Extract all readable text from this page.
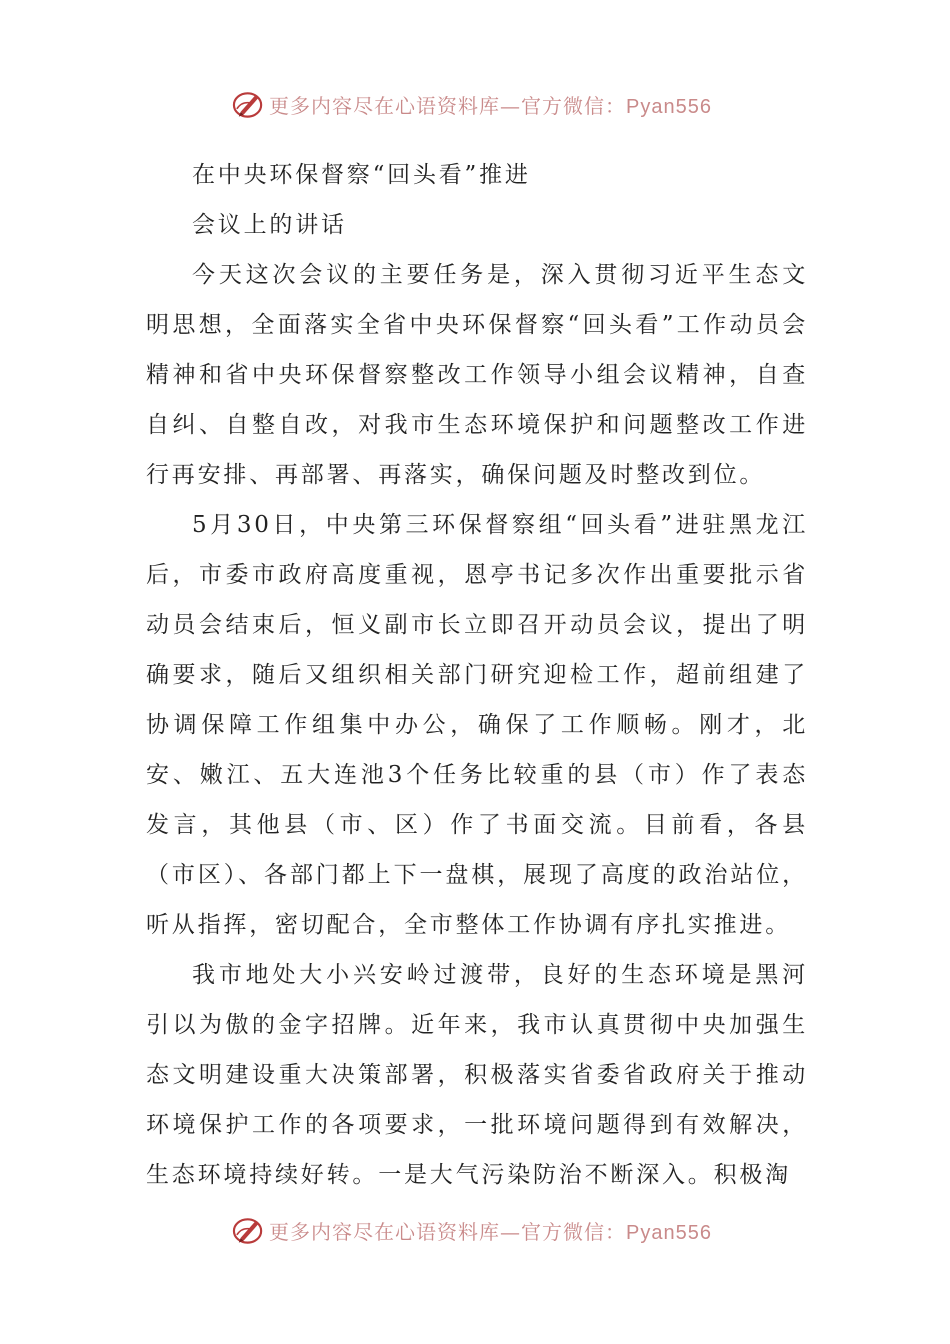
更多内容尽在心语资料库—官方微信：Pyan556

在中央环保督察“回头看”推进

会议上的讲话

今天这次会议的主要任务是，深入贯彻习近平生态文明思想，全面落实全省中央环保督察“回头看”工作动员会精神和省中央环保督察整改工作领导小组会议精神，自查自纠、自整自改，对我市生态环境保护和问题整改工作进行再安排、再部署、再落实，确保问题及时整改到位。

5月30日，中央第三环保督察组“回头看”进驻黑龙江后，市委市政府高度重视，恩亭书记多次作出重要批示省动员会结束后，恒义副市长立即召开动员会议，提出了明确要求，随后又组织相关部门研究迎检工作，超前组建了协调保障工作组集中办公，确保了工作顺畅。刚才，北安、嫩江、五大连池3个任务比较重的县（市）作了表态发言，其他县（市、区）作了书面交流。目前看，各县（市区）、各部门都上下一盘棋，展现了高度的政治站位，听从指挥，密切配合，全市整体工作协调有序扎实推进。

我市地处大小兴安岭过渡带，良好的生态环境是黑河引以为傲的金字招牌。近年来，我市认真贯彻中央加强生态文明建设重大决策部署，积极落实省委省政府关于推动环境保护工作的各项要求，一批环境问题得到有效解决，生态环境持续好转。一是大气污染防治不断深入。积极淘

更多内容尽在心语资料库—官方微信：Pyan556
